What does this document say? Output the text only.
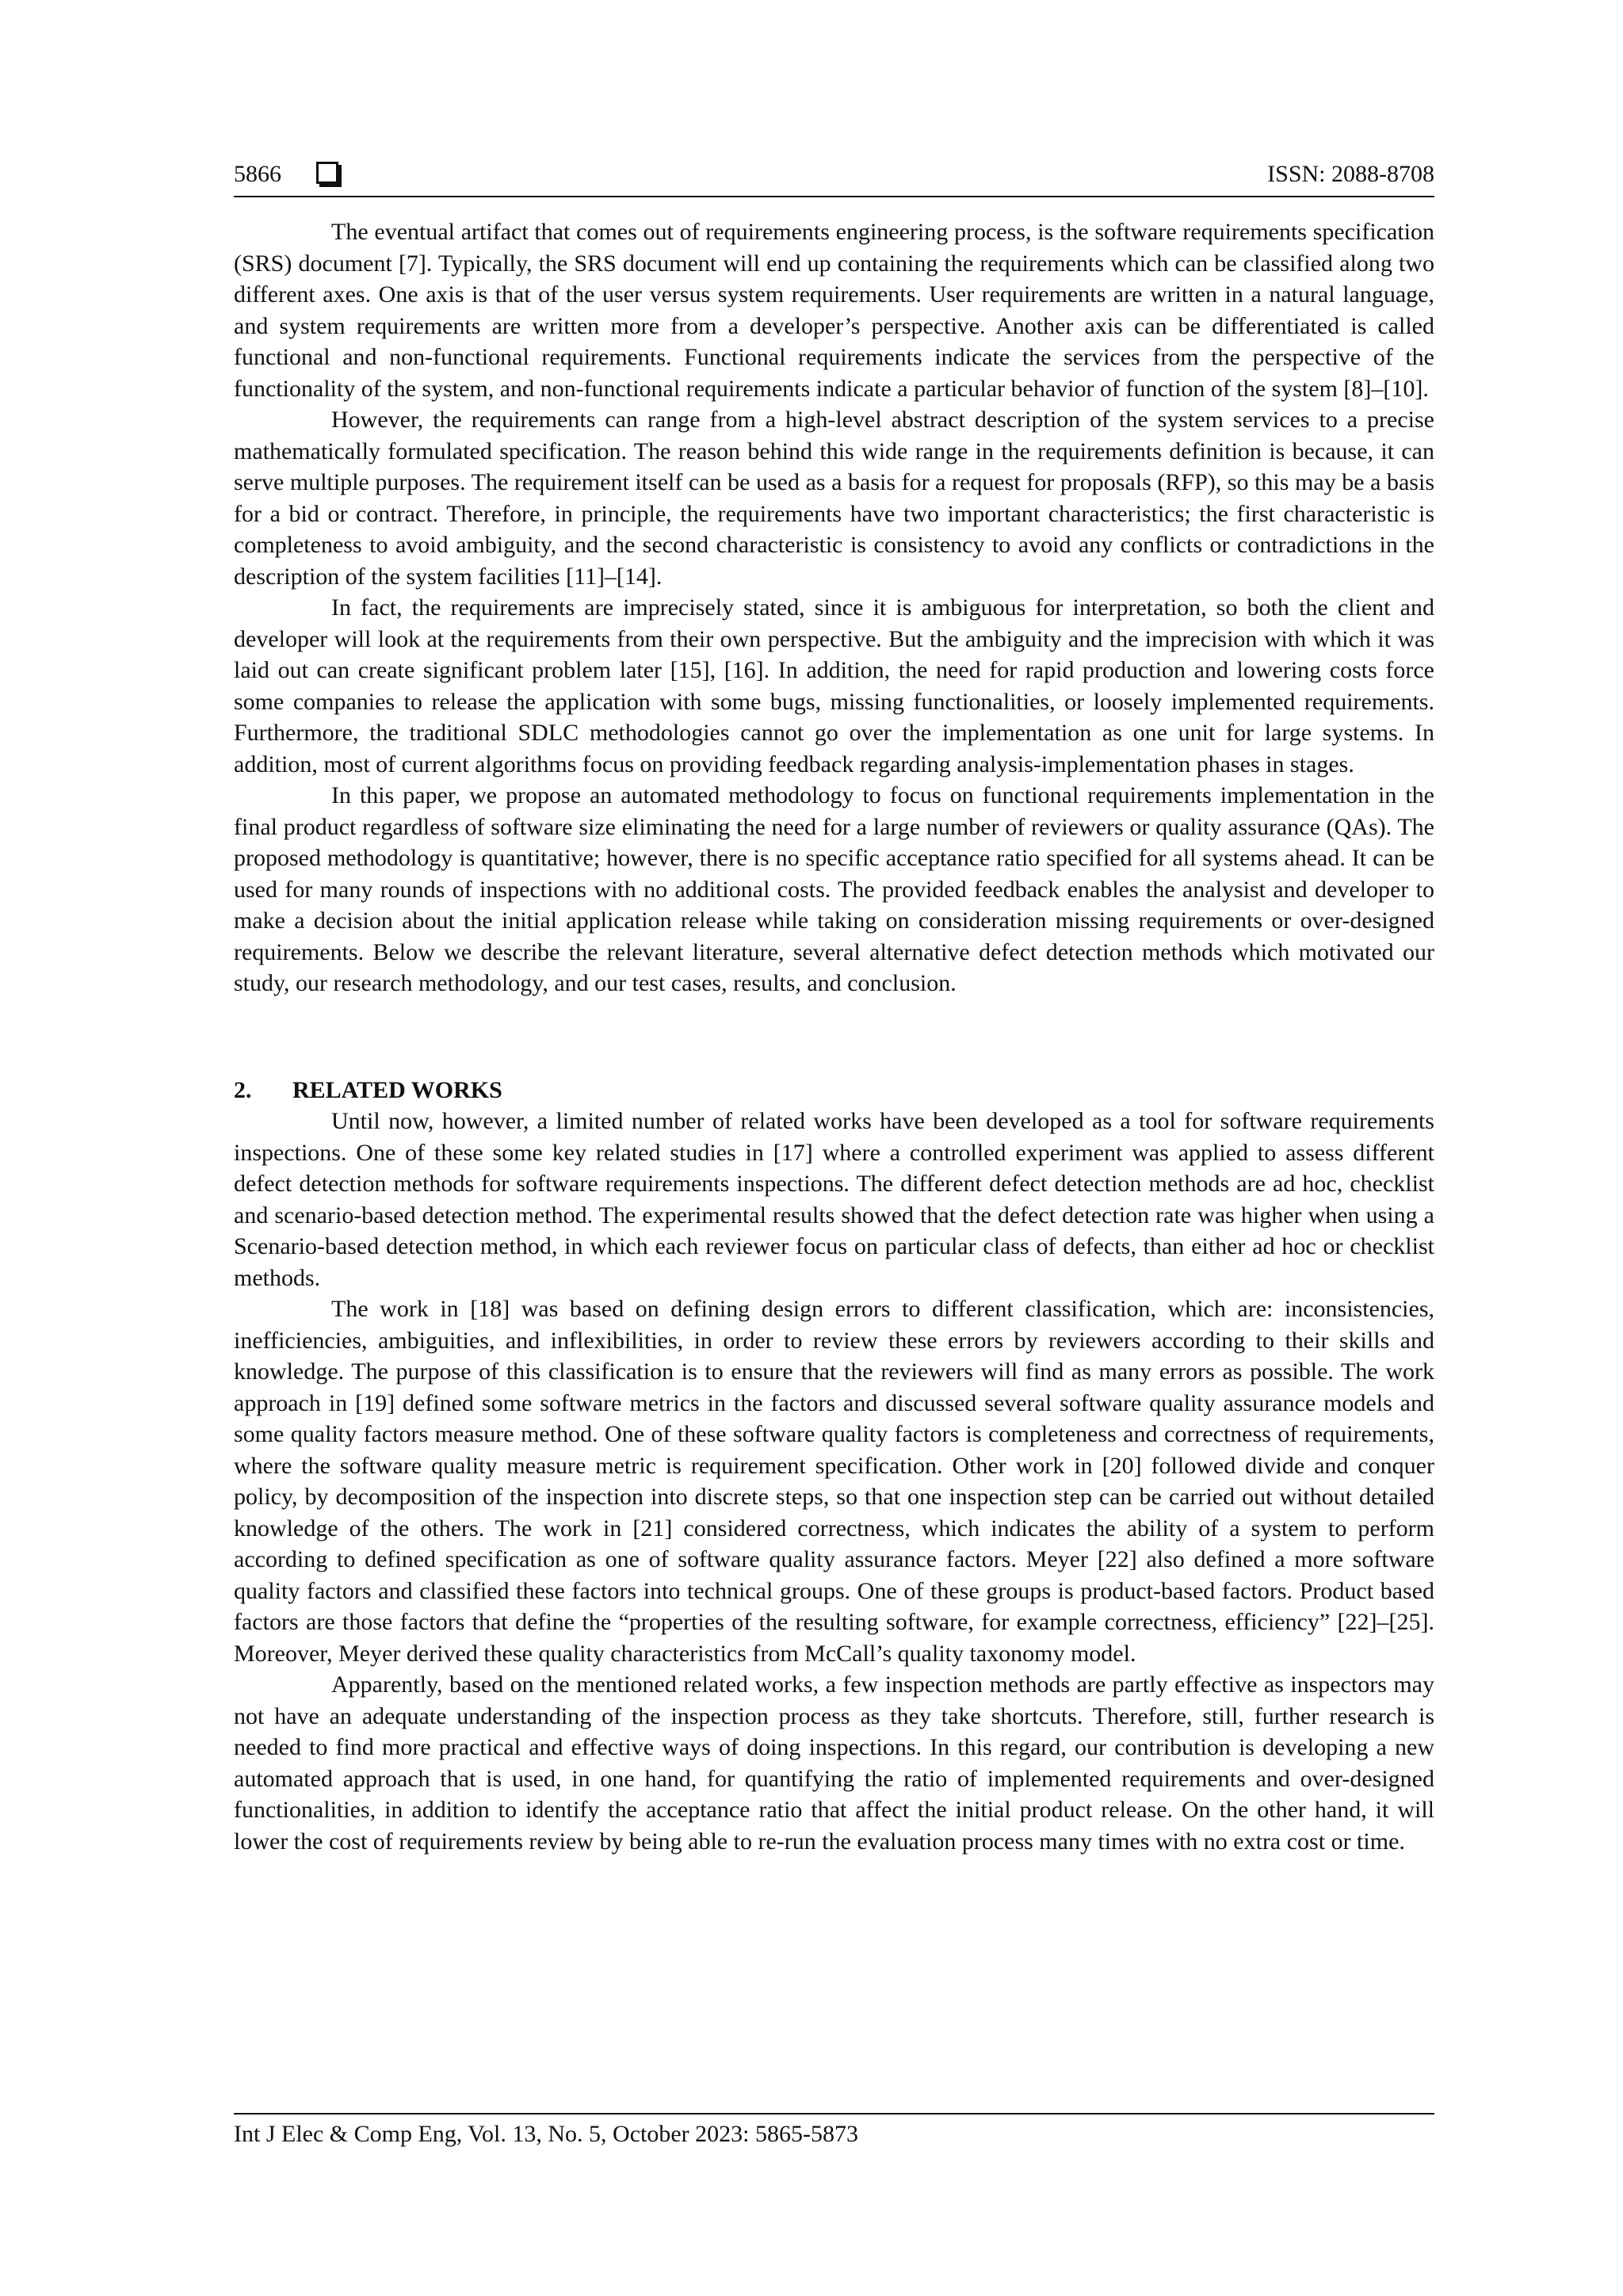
5866	ISSN: 2088-8708

The eventual artifact that comes out of requirements engineering process, is the software requirements specification (SRS) document [7]. Typically, the SRS document will end up containing the requirements which can be classified along two different axes. One axis is that of the user versus system requirements. User requirements are written in a natural language, and system requirements are written more from a developer’s perspective. Another axis can be differentiated is called functional and non-functional requirements. Functional requirements indicate the services from the perspective of the functionality of the system, and non-functional requirements indicate a particular behavior of function of the system [8]–[10].

However, the requirements can range from a high-level abstract description of the system services to a precise mathematically formulated specification. The reason behind this wide range in the requirements definition is because, it can serve multiple purposes. The requirement itself can be used as a basis for a request for proposals (RFP), so this may be a basis for a bid or contract. Therefore, in principle, the requirements have two important characteristics; the first characteristic is completeness to avoid ambiguity, and the second characteristic is consistency to avoid any conflicts or contradictions in the description of the system facilities [11]–[14].

In fact, the requirements are imprecisely stated, since it is ambiguous for interpretation, so both the client and developer will look at the requirements from their own perspective. But the ambiguity and the imprecision with which it was laid out can create significant problem later [15], [16]. In addition, the need for rapid production and lowering costs force some companies to release the application with some bugs, missing functionalities, or loosely implemented requirements. Furthermore, the traditional SDLC methodologies cannot go over the implementation as one unit for large systems. In addition, most of current algorithms focus on providing feedback regarding analysis-implementation phases in stages.

In this paper, we propose an automated methodology to focus on functional requirements implementation in the final product regardless of software size eliminating the need for a large number of reviewers or quality assurance (QAs). The proposed methodology is quantitative; however, there is no specific acceptance ratio specified for all systems ahead. It can be used for many rounds of inspections with no additional costs. The provided feedback enables the analysist and developer to make a decision about the initial application release while taking on consideration missing requirements or over-designed requirements. Below we describe the relevant literature, several alternative defect detection methods which motivated our study, our research methodology, and our test cases, results, and conclusion.

2.	RELATED WORKS

Until now, however, a limited number of related works have been developed as a tool for software requirements inspections. One of these some key related studies in [17] where a controlled experiment was applied to assess different defect detection methods for software requirements inspections. The different defect detection methods are ad hoc, checklist and scenario-based detection method. The experimental results showed that the defect detection rate was higher when using a Scenario-based detection method, in which each reviewer focus on particular class of defects, than either ad hoc or checklist methods.

The work in [18] was based on defining design errors to different classification, which are: inconsistencies, inefficiencies, ambiguities, and inflexibilities, in order to review these errors by reviewers according to their skills and knowledge. The purpose of this classification is to ensure that the reviewers will find as many errors as possible. The work approach in [19] defined some software metrics in the factors and discussed several software quality assurance models and some quality factors measure method. One of these software quality factors is completeness and correctness of requirements, where the software quality measure metric is requirement specification. Other work in [20] followed divide and conquer policy, by decomposition of the inspection into discrete steps, so that one inspection step can be carried out without detailed knowledge of the others. The work in [21] considered correctness, which indicates the ability of a system to perform according to defined specification as one of software quality assurance factors. Meyer [22] also defined a more software quality factors and classified these factors into technical groups. One of these groups is product-based factors. Product based factors are those factors that define the “properties of the resulting software, for example correctness, efficiency” [22]–[25]. Moreover, Meyer derived these quality characteristics from McCall’s quality taxonomy model.

Apparently, based on the mentioned related works, a few inspection methods are partly effective as inspectors may not have an adequate understanding of the inspection process as they take shortcuts. Therefore, still, further research is needed to find more practical and effective ways of doing inspections. In this regard, our contribution is developing a new automated approach that is used, in one hand, for quantifying the ratio of implemented requirements and over-designed functionalities, in addition to identify the acceptance ratio that affect the initial product release. On the other hand, it will lower the cost of requirements review by being able to re-run the evaluation process many times with no extra cost or time.

Int J Elec & Comp Eng, Vol. 13, No. 5, October 2023: 5865-5873
